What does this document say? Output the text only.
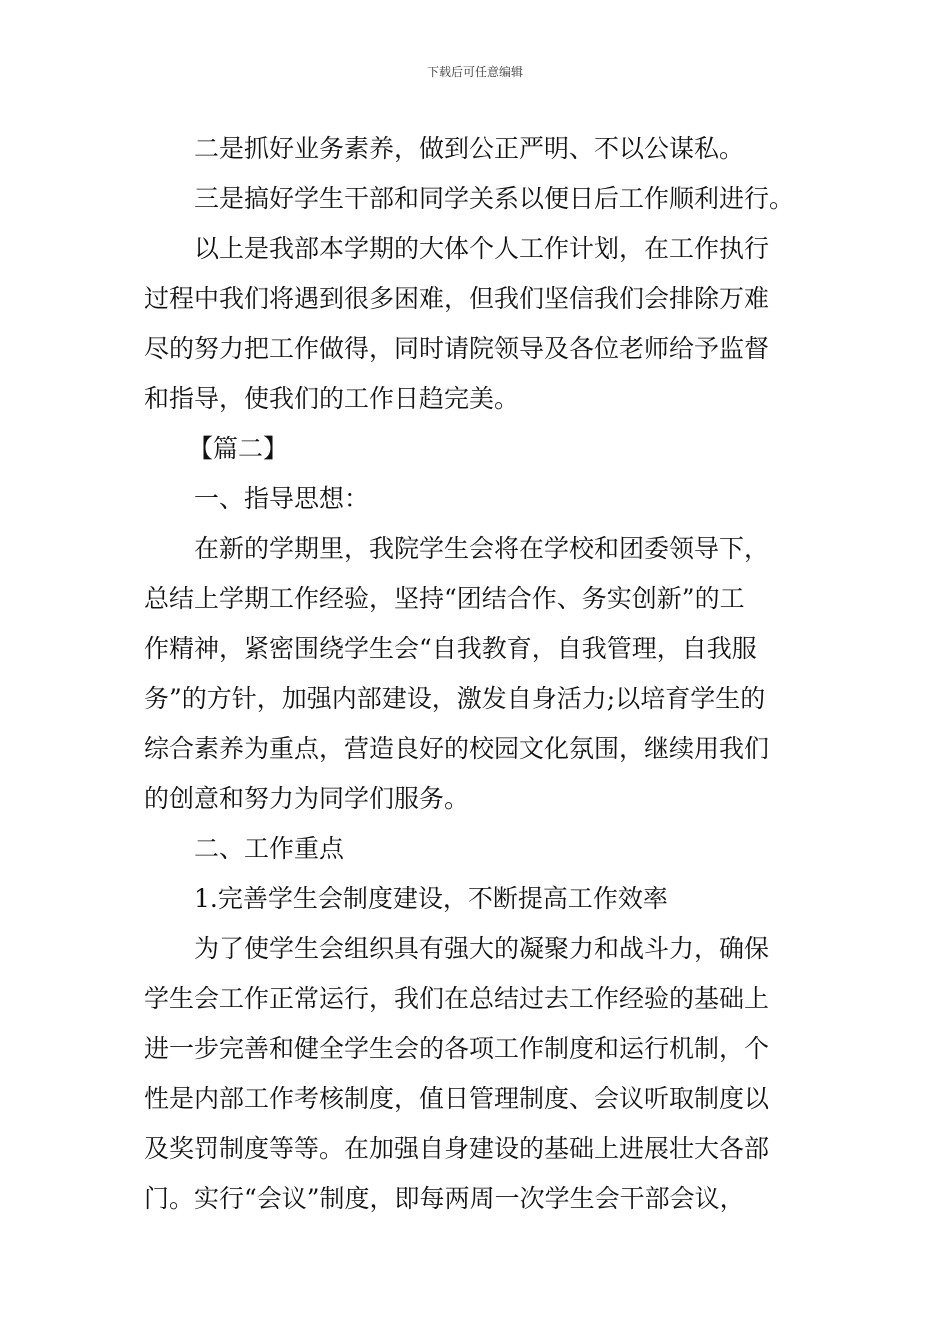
下载后可任意编辑

二是抓好业务素养，做到公正严明、不以公谋私。

三是搞好学生干部和同学关系以便日后工作顺利进行。

以上是我部本学期的大体个人工作计划，在工作执行

过程中我们将遇到很多困难，但我们坚信我们会排除万难

尽的努力把工作做得，同时请院领导及各位老师给予监督

和指导，使我们的工作日趋完美。

【篇二】

一、指导思想：

在新的学期里，我院学生会将在学校和团委领导下，

总结上学期工作经验，坚持“团结合作、务实创新”的工

作精神，紧密围绕学生会“自我教育，自我管理，自我服

务”的方针，加强内部建设，激发自身活力;以培育学生的

综合素养为重点，营造良好的校园文化氛围，继续用我们

的创意和努力为同学们服务。

二、工作重点

1.完善学生会制度建设，不断提高工作效率

为了使学生会组织具有强大的凝聚力和战斗力，确保

学生会工作正常运行，我们在总结过去工作经验的基础上

进一步完善和健全学生会的各项工作制度和运行机制，个

性是内部工作考核制度，值日管理制度、会议听取制度以

及奖罚制度等等。在加强自身建设的基础上进展壮大各部

门。实行“会议”制度，即每两周一次学生会干部会议，
